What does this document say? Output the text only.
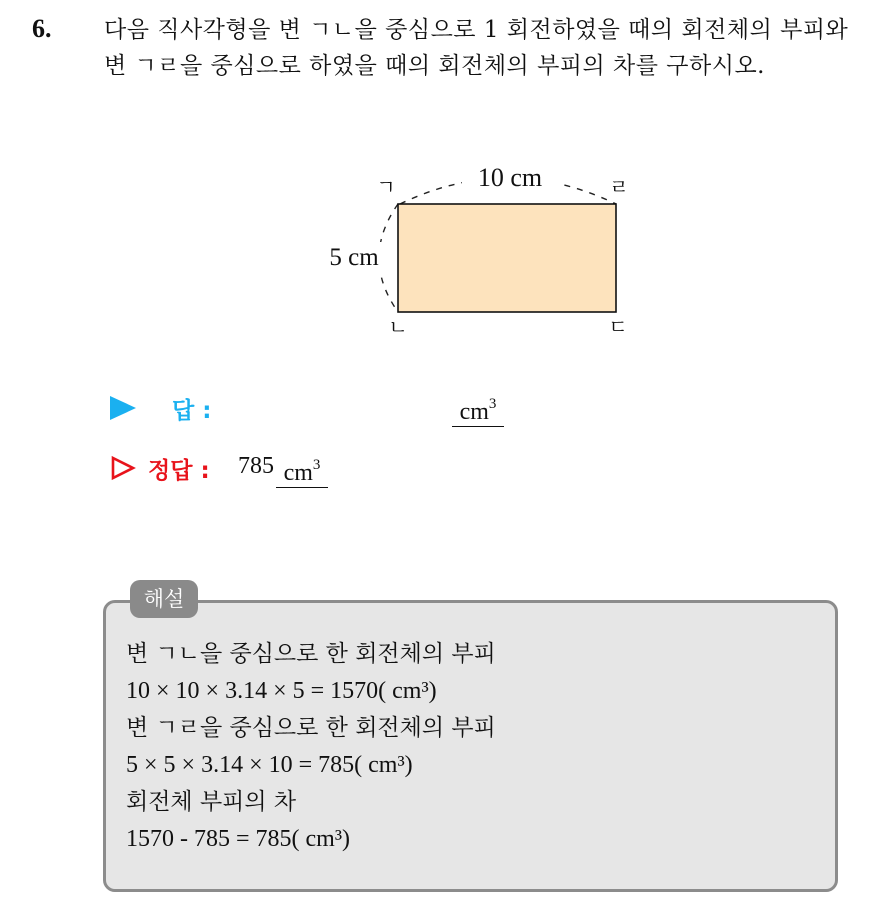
6. 다음 직사각형을 변 ㄱㄴ을 중심으로 1 회전하였을 때의 회전체의 부피와 변 ㄱㄹ을 중심으로 하였을 때의 회전체의 부피의 차를 구하시오.
10 cm
5 cm
ㄱ	ㄹ
ㄴ	ㄷ
답 :	$cm^3$
정답 : 785 $cm^3$
해설
변 ㄱㄴ을 중심으로 한 회전체의 부피
10 × 10 × 3.14 × 5 = 1570( cm³)
변 ㄱㄹ을 중심으로 한 회전체의 부피
5 × 5 × 3.14 × 10 = 785( cm³)
회전체 부피의 차
1570 - 785 = 785( cm³)
